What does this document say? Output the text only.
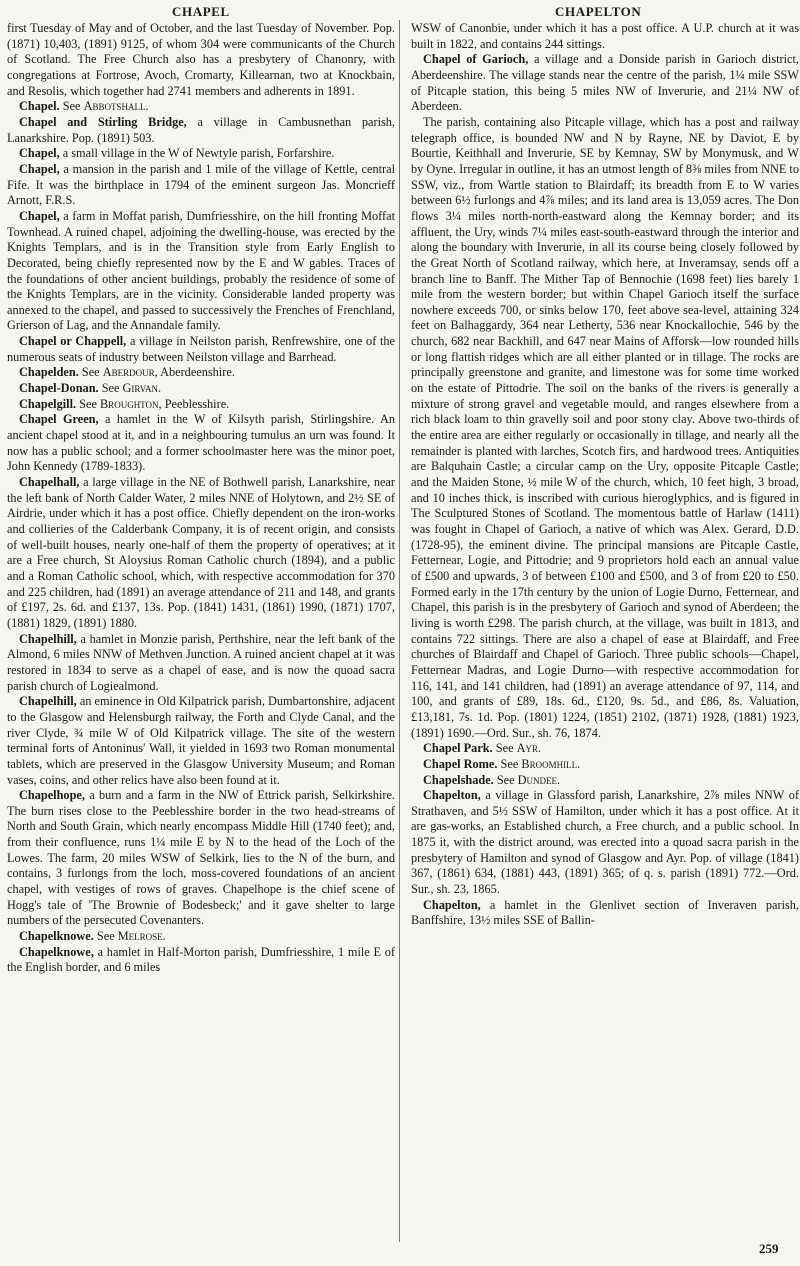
CHAPEL	CHAPELTON

first Tuesday of May and of October, and the last Tuesday of November. Pop. (1871) 10,403, (1891) 9125, of whom 304 were communicants of the Church of Scotland. The Free Church also has a presbytery of Chanonry, with congregations at Fortrose, Avoch, Cromarty, Killearnan, two at Knockbain, and Resolis, which together had 2741 members and adherents in 1891.

Chapel. See Abbotshall.

Chapel and Stirling Bridge, a village in Cambusnethan parish, Lanarkshire. Pop. (1891) 503.

Chapel, a small village in the W of Newtyle parish, Forfarshire.

Chapel, a mansion in the parish and 1 mile of the village of Kettle, central Fife. It was the birthplace in 1794 of the eminent surgeon Jas. Moncrieff Arnott, F.R.S.

Chapel, a farm in Moffat parish, Dumfriesshire, on the hill fronting Moffat Townhead. A ruined chapel, adjoining the dwelling-house, was erected by the Knights Templars, and is in the Transition style from Early English to Decorated, being chiefly represented now by the E and W gables. Traces of the foundations of other ancient buildings, probably the residence of some of the Knights Templars, are in the vicinity. Considerable landed property was annexed to the chapel, and passed to successively the Frenches of Frenchland, Grierson of Lag, and the Annandale family.

Chapel or Chappell, a village in Neilston parish, Renfrewshire, one of the numerous seats of industry between Neilston village and Barrhead.

Chapelden. See Aberdour, Aberdeenshire.

Chapel-Donan. See Girvan.

Chapelgill. See Broughton, Peeblesshire.

Chapel Green, a hamlet in the W of Kilsyth parish, Stirlingshire. An ancient chapel stood at it, and in a neighbouring tumulus an urn was found. It now has a public school; and a former schoolmaster here was the minor poet, John Kennedy (1789-1833).

Chapelhall, a large village in the NE of Bothwell parish, Lanarkshire, near the left bank of North Calder Water, 2 miles NNE of Holytown, and 2½ SE of Airdrie, under which it has a post office. Chiefly dependent on the iron-works and collieries of the Calderbank Company, it is of recent origin, and consists of well-built houses, nearly one-half of them the property of operatives; at it are a Free church, St Aloysius Roman Catholic church (1894), and a public and a Roman Catholic school, which, with respective accommodation for 370 and 225 children, had (1891) an average attendance of 211 and 148, and grants of £197, 2s. 6d. and £137, 13s. Pop. (1841) 1431, (1861) 1990, (1871) 1707, (1881) 1829, (1891) 1880.

Chapelhill, a hamlet in Monzie parish, Perthshire, near the left bank of the Almond, 6 miles NNW of Methven Junction. A ruined ancient chapel at it was restored in 1834 to serve as a chapel of ease, and is now the quoad sacra parish church of Logiealmond.

Chapelhill, an eminence in Old Kilpatrick parish, Dumbartonshire, adjacent to the Glasgow and Helensburgh railway, the Forth and Clyde Canal, and the river Clyde, ¾ mile W of Old Kilpatrick village. The site of the western terminal forts of Antoninus' Wall, it yielded in 1693 two Roman monumental tablets, which are preserved in the Glasgow University Museum; and Roman vases, coins, and other relics have also been found at it.

Chapelhope, a burn and a farm in the NW of Ettrick parish, Selkirkshire. The burn rises close to the Peeblesshire border in the two head-streams of North and South Grain, which nearly encompass Middle Hill (1740 feet); and, from their confluence, runs 1¼ mile E by N to the head of the Loch of the Lowes. The farm, 20 miles WSW of Selkirk, lies to the N of the burn, and contains, 3 furlongs from the loch, moss-covered foundations of an ancient chapel, with vestiges of rows of graves. Chapelhope is the chief scene of Hogg's tale of 'The Brownie of Bodesbeck;' and it gave shelter to large numbers of the persecuted Covenanters.

Chapelknowe. See Melrose.

Chapelknowe, a hamlet in Half-Morton parish, Dumfriesshire, 1 mile E of the English border, and 6 miles

WSW of Canonbie, under which it has a post office. A U.P. church at it was built in 1822, and contains 244 sittings.

Chapel of Garioch, a village and a Donside parish in Garioch district, Aberdeenshire. The village stands near the centre of the parish, 1¼ mile SSW of Pitcaple station, this being 5 miles NW of Inverurie, and 21¼ NW of Aberdeen.

The parish, containing also Pitcaple village, which has a post and railway telegraph office, is bounded NW and N by Rayne, NE by Daviot, E by Bourtie, Keithhall and Inverurie, SE by Kemnay, SW by Monymusk, and W by Oyne. Irregular in outline, it has an utmost length of 8⅜ miles from NNE to SSW, viz., from Wartle station to Blairdaff; its breadth from E to W varies between 6½ furlongs and 4⅞ miles; and its land area is 13,059 acres. The Don flows 3¼ miles north-north-eastward along the Kemnay border; and its affluent, the Ury, winds 7¼ miles east-south-eastward through the interior and along the boundary with Inverurie, in all its course being closely followed by the Great North of Scotland railway, which here, at Inveramsay, sends off a branch line to Banff. The Mither Tap of Bennochie (1698 feet) lies barely 1 mile from the western border; but within Chapel Garioch itself the surface nowhere exceeds 700, or sinks below 170, feet above sea-level, attaining 324 feet on Balhaggardy, 364 near Letherty, 536 near Knockallochie, 546 by the church, 682 near Backhill, and 647 near Mains of Afforsk—low rounded hills or long flattish ridges which are all either planted or in tillage. The rocks are principally greenstone and granite, and limestone was for some time worked on the estate of Pittodrie. The soil on the banks of the rivers is generally a mixture of strong gravel and vegetable mould, and ranges elsewhere from a rich black loam to thin gravelly soil and poor stony clay. Above two-thirds of the entire area are either regularly or occasionally in tillage, and nearly all the remainder is planted with larches, Scotch firs, and hardwood trees. Antiquities are Balquhain Castle; a circular camp on the Ury, opposite Pitcaple Castle; and the Maiden Stone, ½ mile W of the church, which, 10 feet high, 3 broad, and 10 inches thick, is inscribed with curious hieroglyphics, and is figured in The Sculptured Stones of Scotland. The momentous battle of Harlaw (1411) was fought in Chapel of Garioch, a native of which was Alex. Gerard, D.D. (1728-95), the eminent divine. The principal mansions are Pitcaple Castle, Fetternear, Logie, and Pittodrie; and 9 proprietors hold each an annual value of £500 and upwards, 3 of between £100 and £500, and 3 of from £20 to £50. Formed early in the 17th century by the union of Logie Durno, Fetternear, and Chapel, this parish is in the presbytery of Garioch and synod of Aberdeen; the living is worth £298. The parish church, at the village, was built in 1813, and contains 722 sittings. There are also a chapel of ease at Blairdaff, and Free churches of Blairdaff and Chapel of Garioch. Three public schools—Chapel, Fetternear Madras, and Logie Durno—with respective accommodation for 116, 141, and 141 children, had (1891) an average attendance of 97, 114, and 100, and grants of £89, 18s. 6d., £120, 9s. 5d., and £86, 8s. Valuation, £13,181, 7s. 1d. Pop. (1801) 1224, (1851) 2102, (1871) 1928, (1881) 1923, (1891) 1690.—Ord. Sur., sh. 76, 1874.

Chapel Park. See Ayr.

Chapel Rome. See Broomhill.

Chapelshade. See Dundee.

Chapelton, a village in Glassford parish, Lanarkshire, 2⅞ miles NNW of Strathaven, and 5½ SSW of Hamilton, under which it has a post office. At it are gas-works, an Established church, a Free church, and a public school. In 1875 it, with the district around, was erected into a quoad sacra parish in the presbytery of Hamilton and synod of Glasgow and Ayr. Pop. of village (1841) 367, (1861) 634, (1881) 443, (1891) 365; of q. s. parish (1891) 772.—Ord. Sur., sh. 23, 1865.

Chapelton, a hamlet in the Glenlivet section of Inveraven parish, Banffshire, 13½ miles SSE of Ballin-

259
